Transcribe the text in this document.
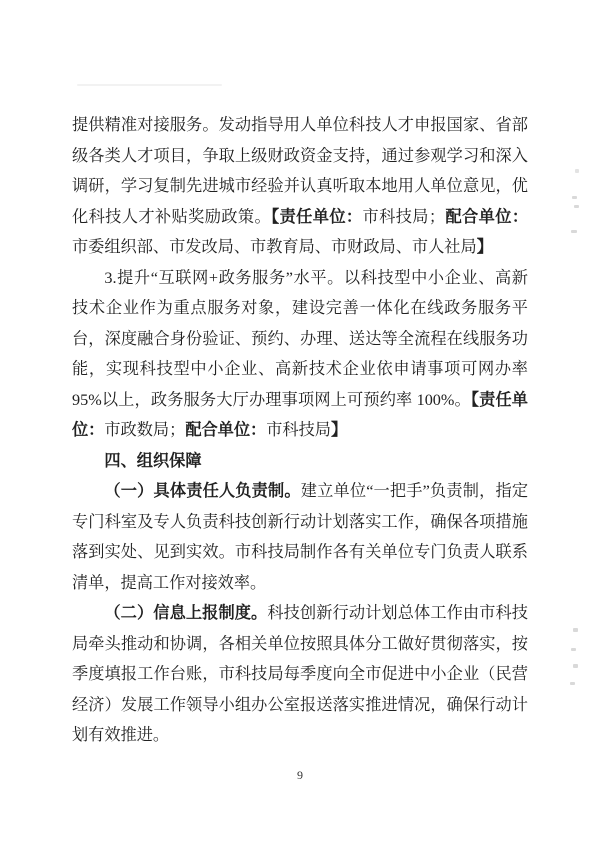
提供精准对接服务。发动指导用人单位科技人才申报国家、省部级各类人才项目，争取上级财政资金支持，通过参观学习和深入调研，学习复制先进城市经验并认真听取本地用人单位意见，优化科技人才补贴奖励政策。【责任单位：市科技局；配合单位：市委组织部、市发改局、市教育局、市财政局、市人社局】

3.提升“互联网+政务服务”水平。以科技型中小企业、高新技术企业作为重点服务对象，建设完善一体化在线政务服务平台，深度融合身份验证、预约、办理、送达等全流程在线服务功能，实现科技型中小企业、高新技术企业依申请事项可网办率95%以上，政务服务大厅办理事项网上可预约率 100%。【责任单位：市政数局；配合单位：市科技局】

四、组织保障

（一）具体责任人负责制。建立单位“一把手”负责制，指定专门科室及专人负责科技创新行动计划落实工作，确保各项措施落到实处、见到实效。市科技局制作各有关单位专门负责人联系清单，提高工作对接效率。

（二）信息上报制度。科技创新行动计划总体工作由市科技局牵头推动和协调，各相关单位按照具体分工做好贯彻落实，按季度填报工作台账，市科技局每季度向全市促进中小企业（民营经济）发展工作领导小组办公室报送落实推进情况，确保行动计划有效推进。

9
